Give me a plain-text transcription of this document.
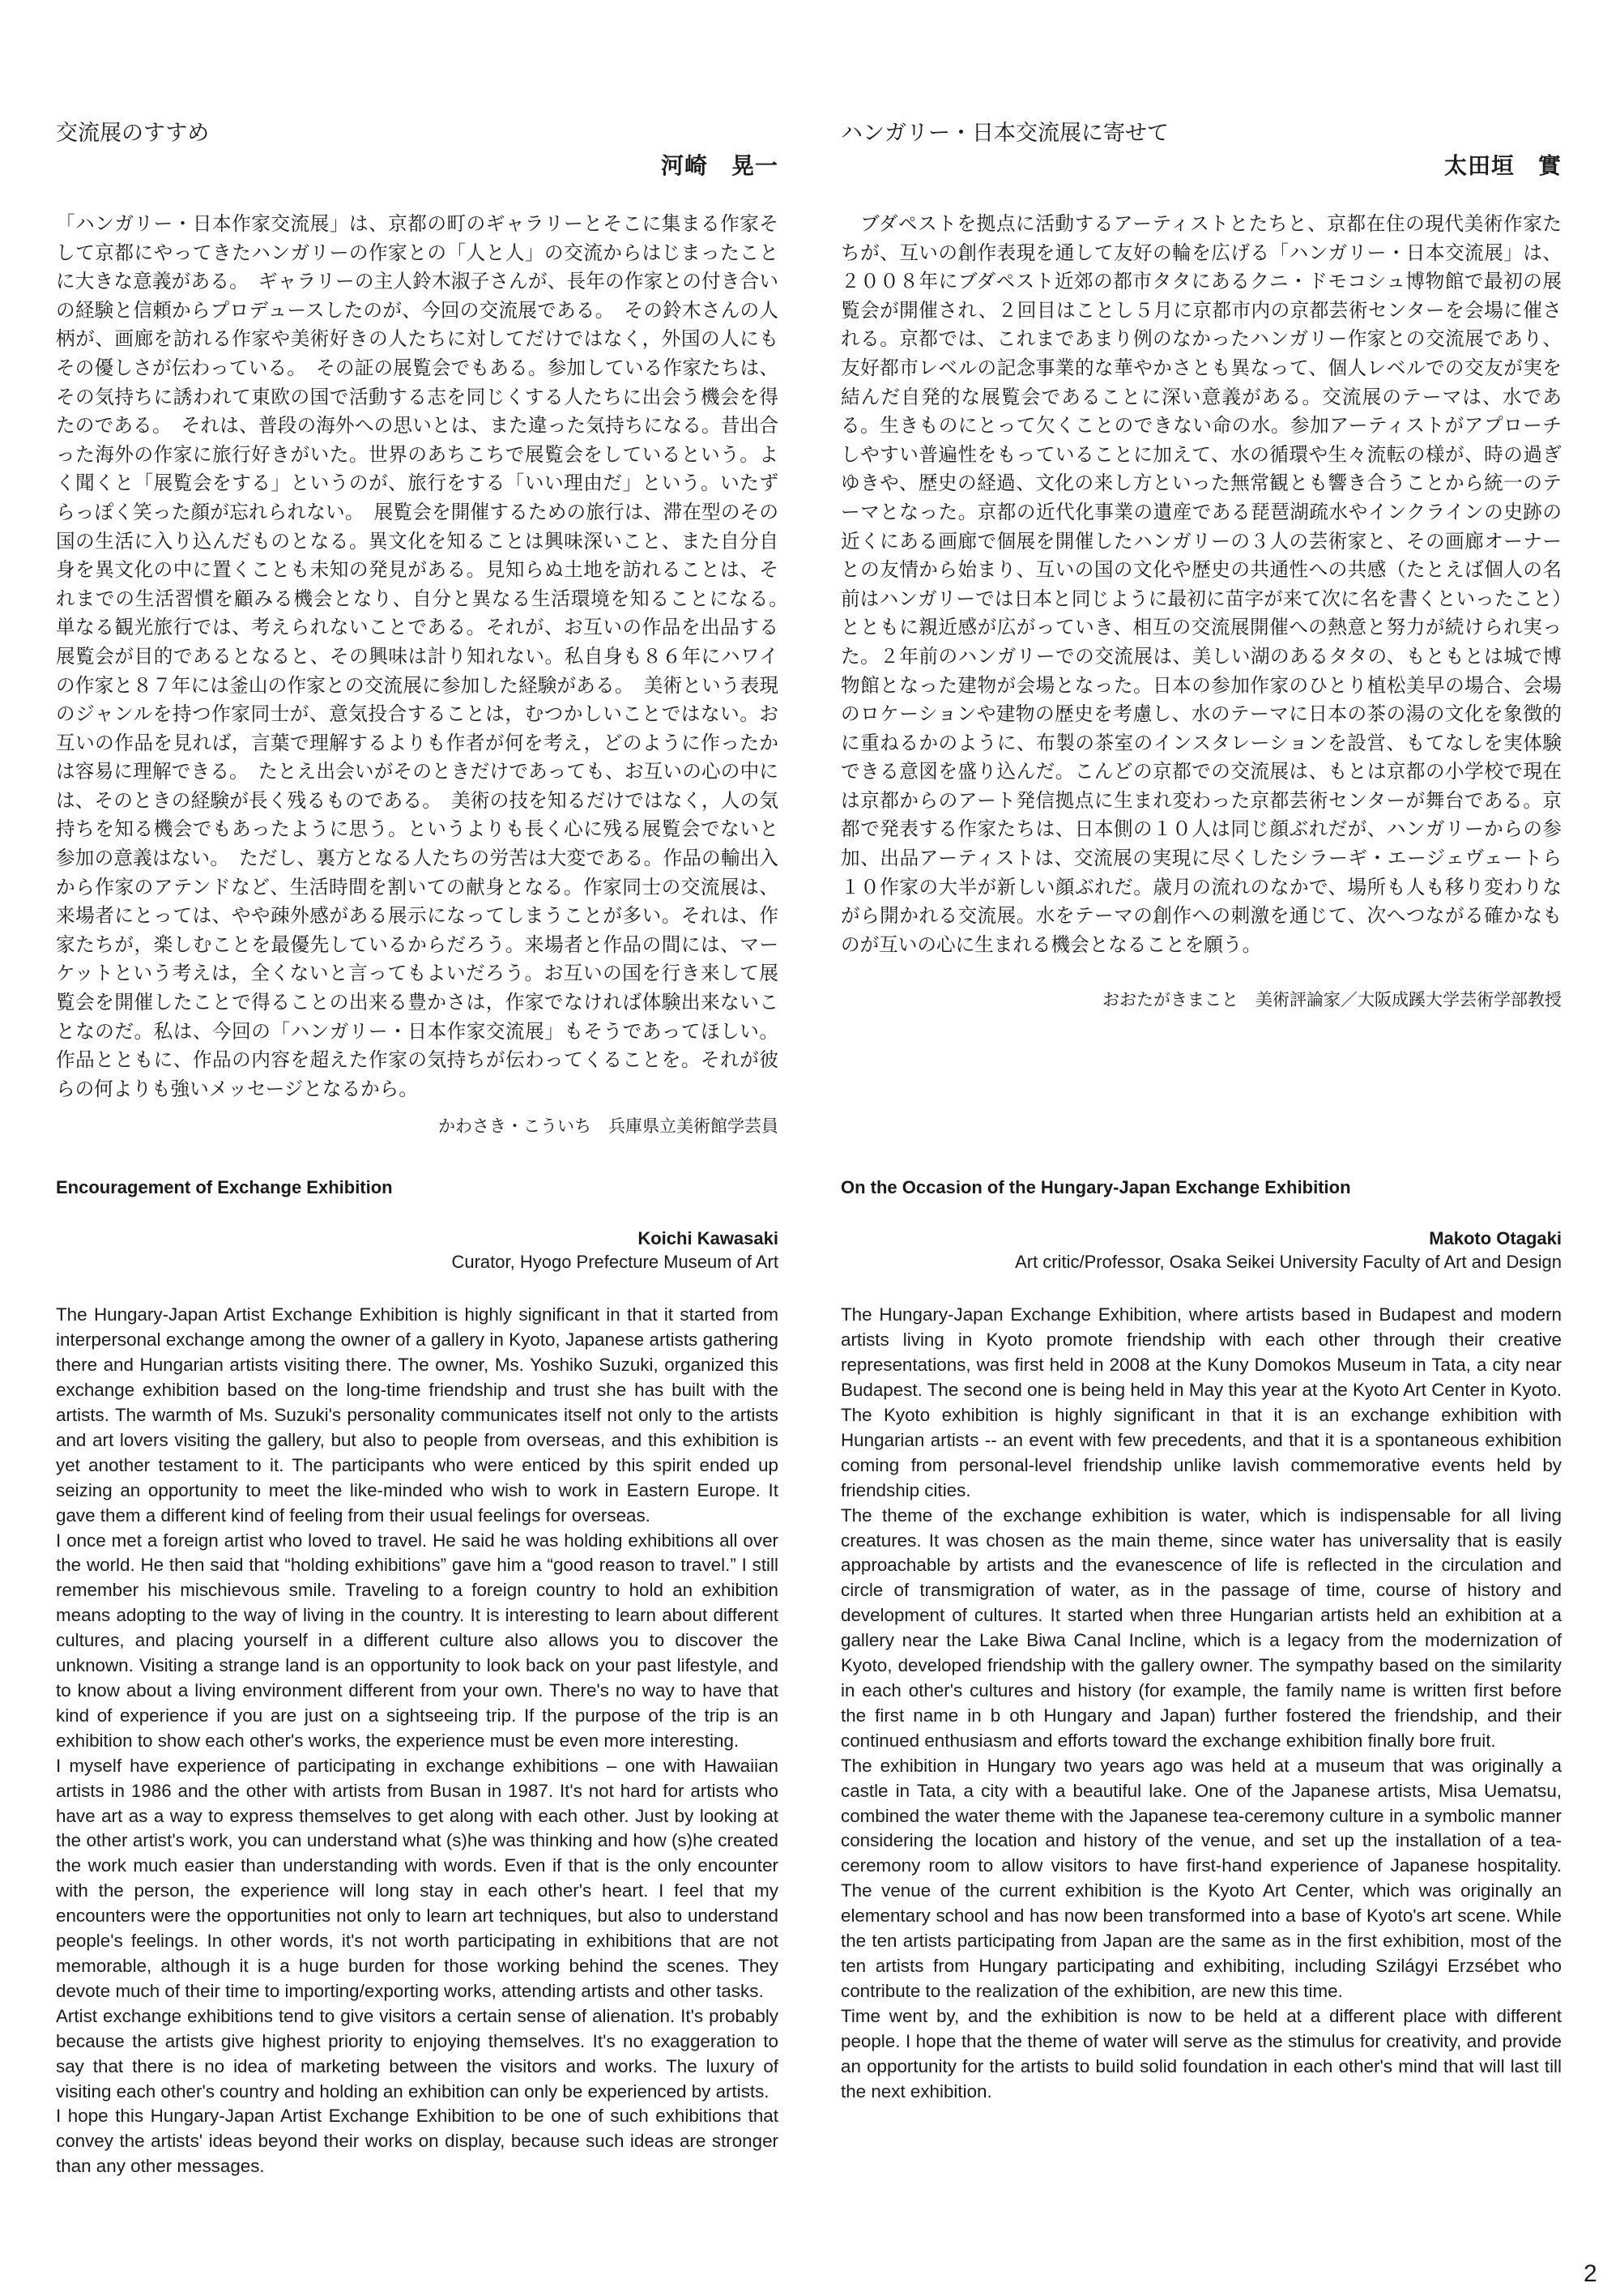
交流展のすすめ

河崎　晃一

「ハンガリー・日本作家交流展」は、京都の町のギャラリーとそこに集まる作家そして京都にやってきたハンガリーの作家との「人と人」の交流からはじまったことに大きな意義がある。　ギャラリーの主人鈴木淑子さんが、長年の作家との付き合いの経験と信頼からプロデュースしたのが、今回の交流展である。　その鈴木さんの人柄が、画廊を訪れる作家や美術好きの人たちに対してだけではなく，外国の人にもその優しさが伝わっている。　その証の展覧会でもある。参加している作家たちは、その気持ちに誘われて東欧の国で活動する志を同じくする人たちに出会う機会を得たのである。　それは、普段の海外への思いとは、また違った気持ちになる。昔出合った海外の作家に旅行好きがいた。世界のあちこちで展覧会をしているという。よく聞くと「展覧会をする」というのが、旅行をする「いい理由だ」という。いたずらっぽく笑った顔が忘れられない。　展覧会を開催するための旅行は、滞在型のその国の生活に入り込んだものとなる。異文化を知ることは興味深いこと、また自分自身を異文化の中に置くことも未知の発見がある。見知らぬ土地を訪れることは、それまでの生活習慣を顧みる機会となり、自分と異なる生活環境を知ることになる。　単なる観光旅行では、考えられないことである。それが、お互いの作品を出品する展覧会が目的であるとなると、その興味は計り知れない。私自身も８６年にハワイの作家と８７年には釜山の作家との交流展に参加した経験がある。　美術という表現のジャンルを持つ作家同士が、意気投合することは，むつかしいことではない。お互いの作品を見れば，言葉で理解するよりも作者が何を考え，どのように作ったかは容易に理解できる。　たとえ出会いがそのときだけであっても、お互いの心の中には、そのときの経験が長く残るものである。　美術の技を知るだけではなく，人の気持ちを知る機会でもあったように思う。というよりも長く心に残る展覧会でないと参加の意義はない。　ただし、裏方となる人たちの労苦は大変である。作品の輸出入から作家のアテンドなど、生活時間を割いての献身となる。作家同士の交流展は、来場者にとっては、やや疎外感がある展示になってしまうことが多い。それは、作家たちが，楽しむことを最優先しているからだろう。来場者と作品の間には、マーケットという考えは，全くないと言ってもよいだろう。お互いの国を行き来して展覧会を開催したことで得ることの出来る豊かさは，作家でなければ体験出来ないことなのだ。私は、今回の「ハンガリー・日本作家交流展」もそうであってほしい。作品とともに、作品の内容を超えた作家の気持ちが伝わってくることを。それが彼らの何よりも強いメッセージとなるから。

かわさき・こういち　兵庫県立美術館学芸員
ハンガリー・日本交流展に寄せて

太田垣　實

　ブダペストを拠点に活動するアーティストとたちと、京都在住の現代美術作家たちが、互いの創作表現を通して友好の輪を広げる「ハンガリー・日本交流展」は、２００８年にブダペスト近郊の都市タタにあるクニ・ドモコシュ博物館で最初の展覧会が開催され、２回目はことし５月に京都市内の京都芸術センターを会場に催される。京都では、これまであまり例のなかったハンガリー作家との交流展であり、友好都市レベルの記念事業的な華やかさとも異なって、個人レベルでの交友が実を結んだ自発的な展覧会であることに深い意義がある。交流展のテーマは、水である。生きものにとって欠くことのできない命の水。参加アーティストがアプローチしやすい普遍性をもっていることに加えて、水の循環や生々流転の様が、時の過ぎゆきや、歴史の経過、文化の来し方といった無常観とも響き合うことから統一のテーマとなった。京都の近代化事業の遺産である琵琶湖疏水やインクラインの史跡の近くにある画廊で個展を開催したハンガリーの３人の芸術家と、その画廊オーナーとの友情から始まり、互いの国の文化や歴史の共通性への共感（たとえば個人の名前はハンガリーでは日本と同じように最初に苗字が来て次に名を書くといったこと）とともに親近感が広がっていき、相互の交流展開催への熱意と努力が続けられ実った。２年前のハンガリーでの交流展は、美しい湖のあるタタの、もともとは城で博物館となった建物が会場となった。日本の参加作家のひとり植松美早の場合、会場のロケーションや建物の歴史を考慮し、水のテーマに日本の茶の湯の文化を象徴的に重ねるかのように、布製の茶室のインスタレーションを設営、もてなしを実体験できる意図を盛り込んだ。こんどの京都での交流展は、もとは京都の小学校で現在は京都からのアート発信拠点に生まれ変わった京都芸術センターが舞台である。京都で発表する作家たちは、日本側の１０人は同じ顔ぶれだが、ハンガリーからの参加、出品アーティストは、交流展の実現に尽くしたシラーギ・エージェヴェートら１０作家の大半が新しい顔ぶれだ。歳月の流れのなかで、場所も人も移り変わりながら開かれる交流展。水をテーマの創作への刺激を通じて、次へつながる確かなものが互いの心に生まれる機会となることを願う。

おおたがきまこと　美術評論家／大阪成蹊大学芸術学部教授
Encouragement of Exchange Exhibition

Koichi Kawasaki

Curator, Hyogo Prefecture Museum of Art

The Hungary-Japan Artist Exchange Exhibition is highly significant in that it started from interpersonal exchange among the owner of a gallery in Kyoto, Japanese artists gathering there and Hungarian artists visiting there. The owner, Ms. Yoshiko Suzuki, organized this exchange exhibition based on the long-time friendship and trust she has built with the artists. The warmth of Ms. Suzuki's personality communicates itself not only to the artists and art lovers visiting the gallery, but also to people from overseas, and this exhibition is yet another testament to it. The participants who were enticed by this spirit ended up seizing an opportunity to meet the like-minded who wish to work in Eastern Europe. It gave them a different kind of feeling from their usual feelings for overseas.

I once met a foreign artist who loved to travel. He said he was holding exhibitions all over the world. He then said that “holding exhibitions” gave him a “good reason to travel.” I still remember his mischievous smile. Traveling to a foreign country to hold an exhibition means adopting to the way of living in the country. It is interesting to learn about different cultures, and placing yourself in a different culture also allows you to discover the unknown. Visiting a strange land is an opportunity to look back on your past lifestyle, and to know about a living environment different from your own. There's no way to have that kind of experience if you are just on a sightseeing trip. If the purpose of the trip is an exhibition to show each other's works, the experience must be even more interesting.

I myself have experience of participating in exchange exhibitions – one with Hawaiian artists in 1986 and the other with artists from Busan in 1987. It's not hard for artists who have art as a way to express themselves to get along with each other. Just by looking at the other artist's work, you can understand what (s)he was thinking and how (s)he created the work much easier than understanding with words. Even if that is the only encounter with the person, the experience will long stay in each other's heart. I feel that my encounters were the opportunities not only to learn art techniques, but also to understand people's feelings. In other words, it's not worth participating in exhibitions that are not memorable, although it is a huge burden for those working behind the scenes. They devote much of their time to importing/exporting works, attending artists and other tasks.

Artist exchange exhibitions tend to give visitors a certain sense of alienation. It's probably because the artists give highest priority to enjoying themselves. It's no exaggeration to say that there is no idea of marketing between the visitors and works. The luxury of visiting each other's country and holding an exhibition can only be experienced by artists.

I hope this Hungary-Japan Artist Exchange Exhibition to be one of such exhibitions that convey the artists' ideas beyond their works on display, because such ideas are stronger than any other messages.

On the Occasion of the Hungary-Japan Exchange Exhibition

Makoto Otagaki

Art critic/Professor, Osaka Seikei University Faculty of Art and Design

The Hungary-Japan Exchange Exhibition, where artists based in Budapest and modern artists living in Kyoto promote friendship with each other through their creative representations, was first held in 2008 at the Kuny Domokos Museum in Tata, a city near Budapest. The second one is being held in May this year at the Kyoto Art Center in Kyoto. The Kyoto exhibition is highly significant in that it is an exchange exhibition with Hungarian artists -- an event with few precedents, and that it is a spontaneous exhibition coming from personal-level friendship unlike lavish commemorative events held by friendship cities.

The theme of the exchange exhibition is water, which is indispensable for all living creatures. It was chosen as the main theme, since water has universality that is easily approachable by artists and the evanescence of life is reflected in the circulation and circle of transmigration of water, as in the passage of time, course of history and development of cultures. It started when three Hungarian artists held an exhibition at a gallery near the Lake Biwa Canal Incline, which is a legacy from the modernization of Kyoto, developed friendship with the gallery owner. The sympathy based on the similarity in each other's cultures and history (for example, the family name is written first before the first name in b oth Hungary and Japan) further fostered the friendship, and their continued enthusiasm and efforts toward the exchange exhibition finally bore fruit.

The exhibition in Hungary two years ago was held at a museum that was originally a castle in Tata, a city with a beautiful lake. One of the Japanese artists, Misa Uematsu, combined the water theme with the Japanese tea-ceremony culture in a symbolic manner considering the location and history of the venue, and set up the installation of a tea-ceremony room to allow visitors to have first-hand experience of Japanese hospitality. The venue of the current exhibition is the Kyoto Art Center, which was originally an elementary school and has now been transformed into a base of Kyoto's art scene. While the ten artists participating from Japan are the same as in the first exhibition, most of the ten artists from Hungary participating and exhibiting, including Szilágyi Erzsébet who contribute to the realization of the exhibition, are new this time.

Time went by, and the exhibition is now to be held at a different place with different people. I hope that the theme of water will serve as the stimulus for creativity, and provide an opportunity for the artists to build solid foundation in each other's mind that will last till the next exhibition.

2
